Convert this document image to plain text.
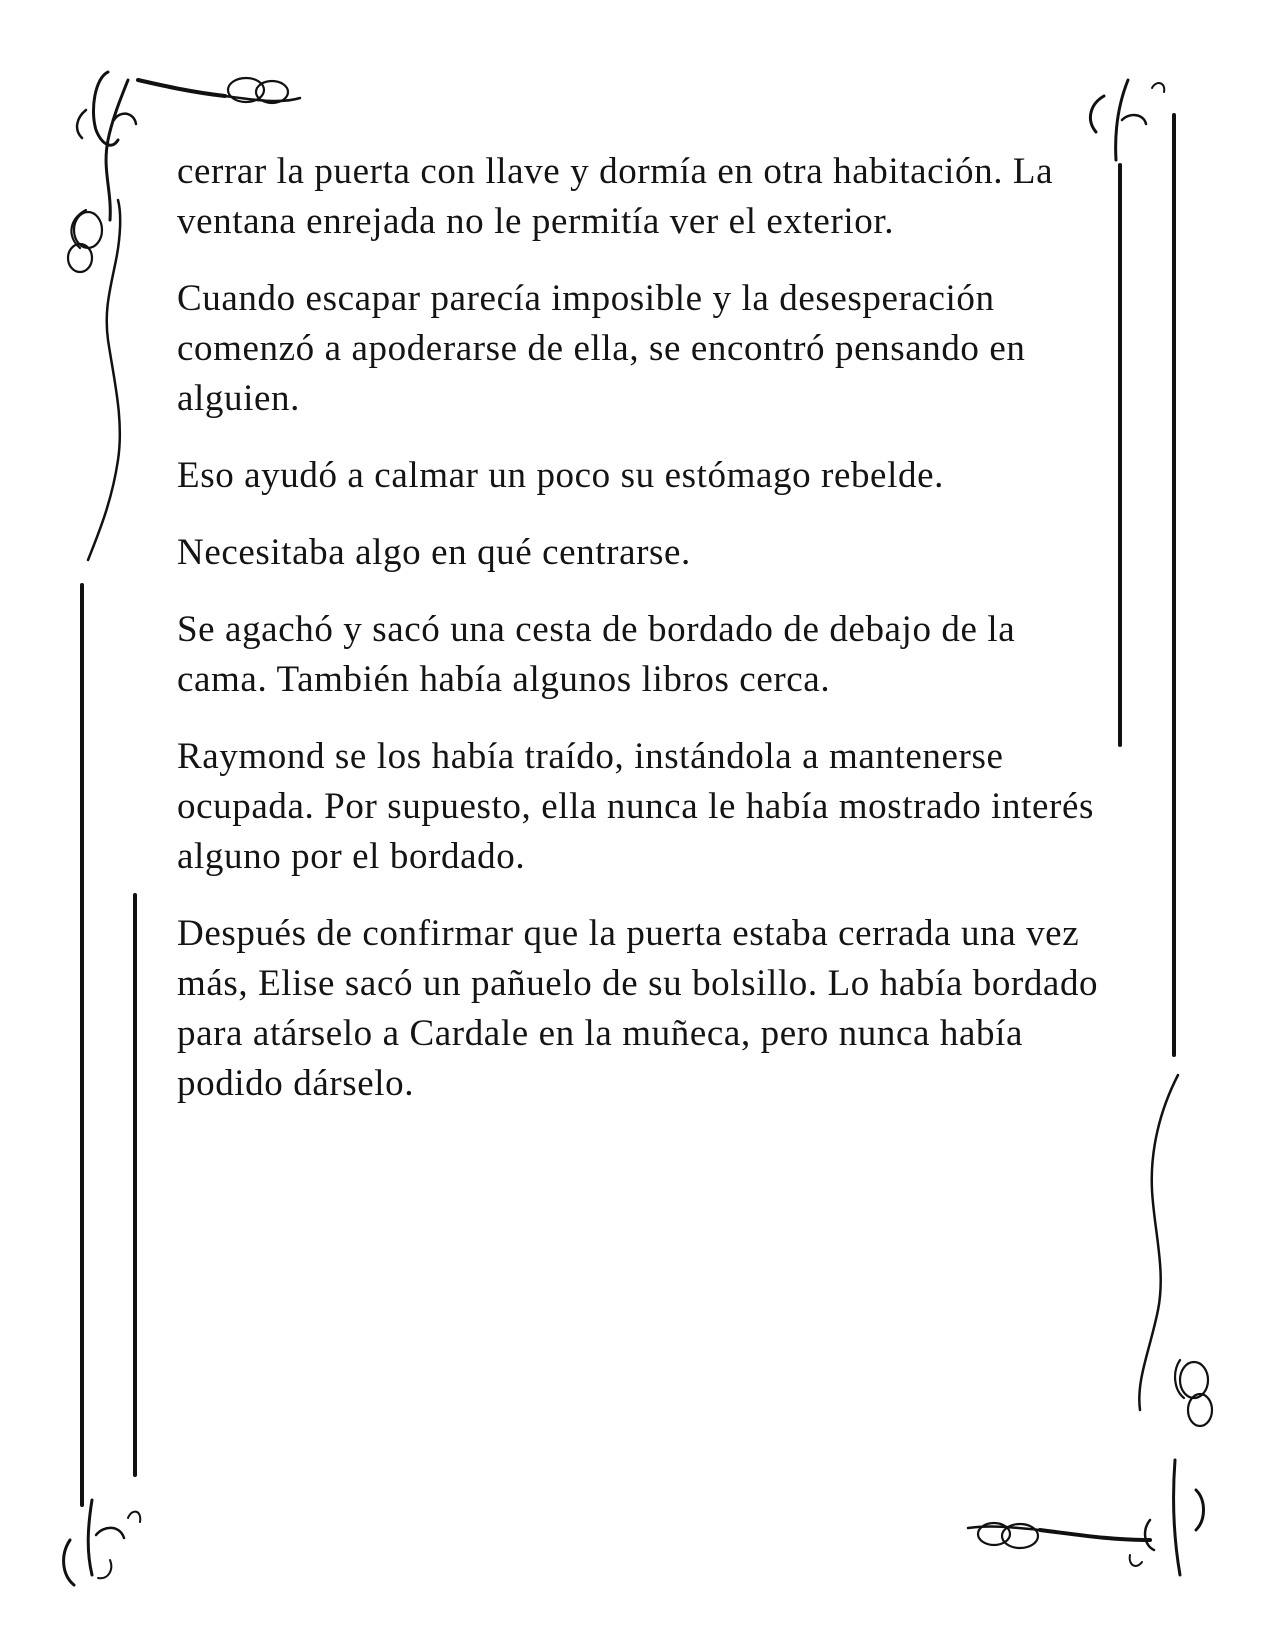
cerrar la puerta con llave y dormía en otra habitación. La ventana enrejada no le permitía ver el exterior.

Cuando escapar parecía imposible y la desesperación comenzó a apoderarse de ella, se encontró pensando en alguien.

Eso ayudó a calmar un poco su estómago rebelde.

Necesitaba algo en qué centrarse.

Se agachó y sacó una cesta de bordado de debajo de la cama. También había algunos libros cerca.

Raymond se los había traído, instándola a mantenerse ocupada. Por supuesto, ella nunca le había mostrado interés alguno por el bordado.

Después de confirmar que la puerta estaba cerrada una vez más, Elise sacó un pañuelo de su bolsillo. Lo había bordado para atárselo a Cardale en la muñeca, pero nunca había podido dárselo.
